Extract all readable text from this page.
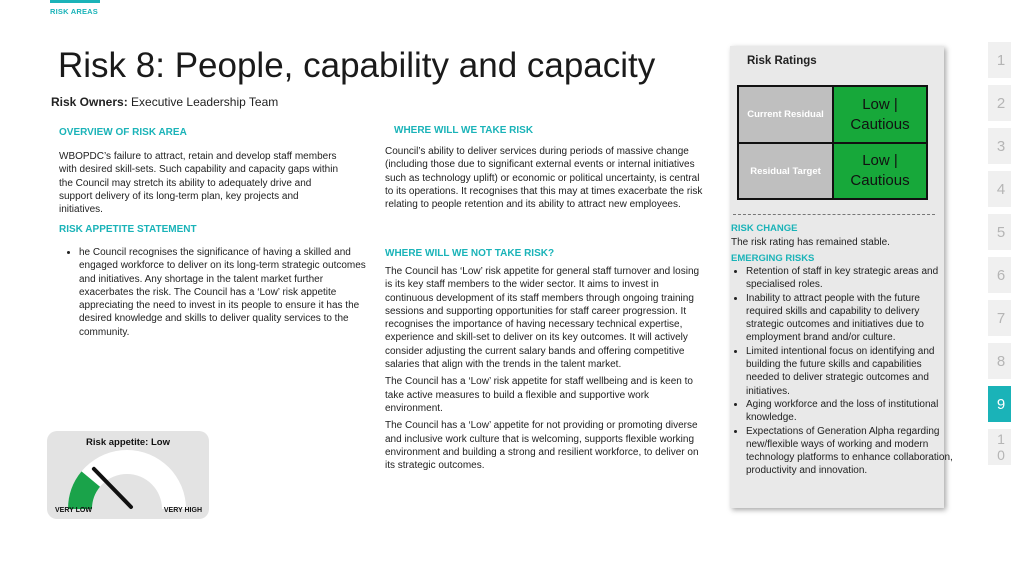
RISK AREAS
Risk 8: People, capability and capacity
Risk Owners: Executive Leadership Team
OVERVIEW OF RISK AREA
WBOPDC’s failure to attract, retain and develop staff members with desired skill-sets. Such capability and capacity gaps within the Council may stretch its ability to adequately drive and support delivery of its long-term plan, key projects and initiatives.
RISK APPETITE STATEMENT
• he Council recognises the significance of having a skilled and engaged workforce to deliver on its long-term strategic outcomes and initiatives. Any shortage in the talent market further exacerbates the risk. The Council has a ‘Low’ risk appetite appreciating the need to invest in its people to ensure it has the desired knowledge and skills to deliver quality services to the community.
Risk appetite: Low
VERY LOW	VERY HIGH
WHERE WILL WE TAKE RISK
Council’s ability to deliver services during periods of massive change (including those due to significant external events or internal initiatives such as technology uplift) or economic or political uncertainty, is central to its operations. It recognises that this may at times exacerbate the risk relating to people retention and its ability to attract new employees.
WHERE WILL WE NOT TAKE RISK?
The Council has ‘Low’ risk appetite for general staff turnover and losing is its key staff members to the wider sector. It aims to invest in continuous development of its staff members through ongoing training sessions and supporting opportunities for staff career progression. It recognises the importance of having necessary technical expertise, experience and skill-set to deliver on its key outcomes. It will actively consider adjusting the current salary bands and offering competitive salaries that align with the trends in the talent market.
The Council has a ‘Low’ risk appetite for staff wellbeing and is keen to take active measures to build a flexible and supportive work environment.
The Council has a ‘Low’ appetite for not providing or promoting diverse and inclusive work culture that is welcoming, supports flexible working environment and building a strong and resilient workforce, to deliver on its strategic outcomes.
Risk Ratings
Current Residual
Low | Cautious
Residual Target
Low | Cautious
RISK CHANGE
The risk rating has remained stable.
EMERGING RISKS
• Retention of staff in key strategic areas and specialised roles.
• Inability to attract people with the future required skills and capability to delivery strategic outcomes and initiatives due to employment brand and/or culture.
• Limited intentional focus on identifying and building the future skills and capabilities needed to deliver strategic outcomes and initiatives.
• Aging workforce and the loss of institutional knowledge.
• Expectations of Generation Alpha regarding new/flexible ways of working and modern technology platforms to enhance collaboration, productivity and innovation.
1
2
3
4
5
6
7
8
9
1
0
